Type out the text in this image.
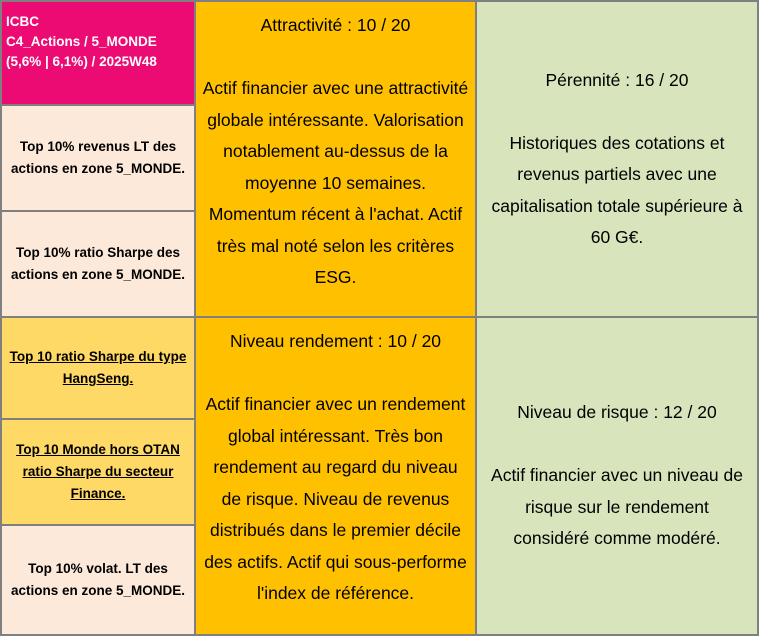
ICBC
C4_Actions / 5_MONDE
(5,6% | 6,1%) / 2025W48
Top 10% revenus LT des actions en zone 5_MONDE.
Top 10% ratio Sharpe des actions en zone 5_MONDE.
Top 10 ratio Sharpe du type HangSeng.
Top 10 Monde hors OTAN ratio Sharpe du secteur Finance.
Top 10% volat. LT des actions en zone 5_MONDE.
Attractivité : 10 / 20
Actif financier avec une attractivité globale intéressante. Valorisation notablement au-dessus de la moyenne 10 semaines. Momentum récent à l'achat. Actif très mal noté selon les critères ESG.
Niveau rendement : 10 / 20
Actif financier avec un rendement global intéressant. Très bon rendement au regard du niveau de risque. Niveau de revenus distribués dans le premier décile des actifs. Actif qui sous-performe l'index de référence.
Pérennité : 16 / 20
Historiques des cotations et revenus partiels avec une capitalisation totale supérieure à 60 G€.
Niveau de risque : 12 / 20
Actif financier avec un niveau de risque sur le rendement considéré comme modéré.
